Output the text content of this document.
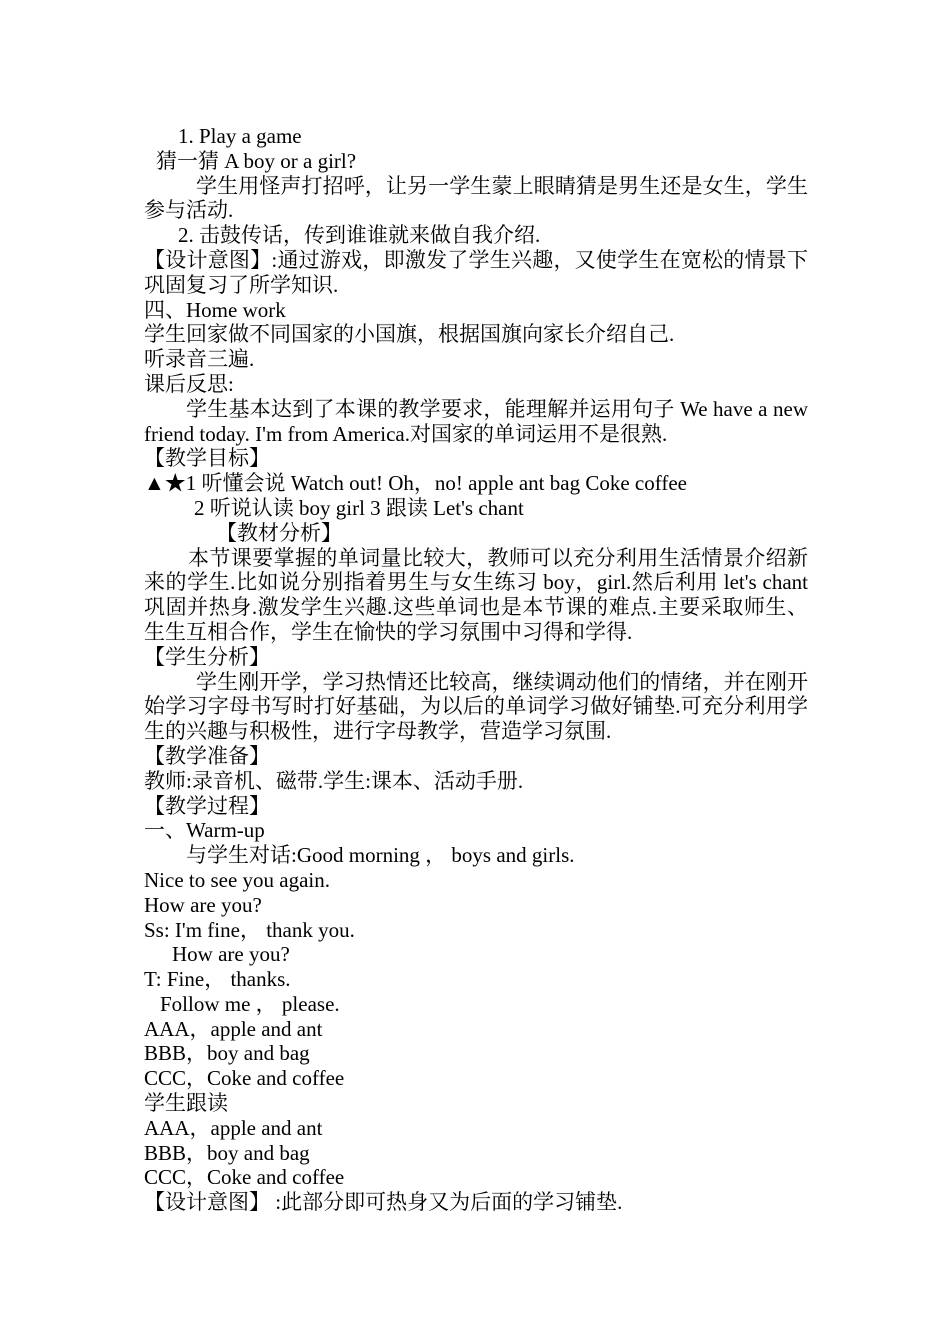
1. Play a game

猜一猜 A boy or a girl?

学生用怪声打招呼，让另一学生蒙上眼睛猜是男生还是女生，学生参与活动.

2. 击鼓传话，传到谁谁就来做自我介绍.

【设计意图】:通过游戏，即激发了学生兴趣，又使学生在宽松的情景下巩固复习了所学知识.

四、Home work

学生回家做不同国家的小国旗，根据国旗向家长介绍自己.

听录音三遍.

课后反思:

学生基本达到了本课的教学要求，能理解并运用句子 We have a new friend today. I'm from America.对国家的单词运用不是很熟.

【教学目标】

▲★1 听懂会说 Watch out! Oh，no! apple ant bag Coke coffee

2 听说认读 boy girl 3 跟读 Let's chant

【教材分析】

本节课要掌握的单词量比较大，教师可以充分利用生活情景介绍新来的学生.比如说分别指着男生与女生练习 boy，girl.然后利用 let's chant 巩固并热身.激发学生兴趣.这些单词也是本节课的难点.主要采取师生、生生互相合作，学生在愉快的学习氛围中习得和学得.

【学生分析】

学生刚开学，学习热情还比较高，继续调动他们的情绪，并在刚开始学习字母书写时打好基础，为以后的单词学习做好铺垫.可充分利用学生的兴趣与积极性，进行字母教学，营造学习氛围.

【教学准备】

教师:录音机、磁带.学生:课本、活动手册.

【教学过程】

一、Warm-up

与学生对话:Good morning ， boys and girls.

Nice to see you again.

How are you?

Ss: I'm fine， thank you.

How are you?

T: Fine， thanks.

Follow me ， please.

AAA，apple and ant

BBB，boy and bag

CCC，Coke and coffee

学生跟读

AAA，apple and ant

BBB，boy and bag

CCC，Coke and coffee

【设计意图】 :此部分即可热身又为后面的学习铺垫.
